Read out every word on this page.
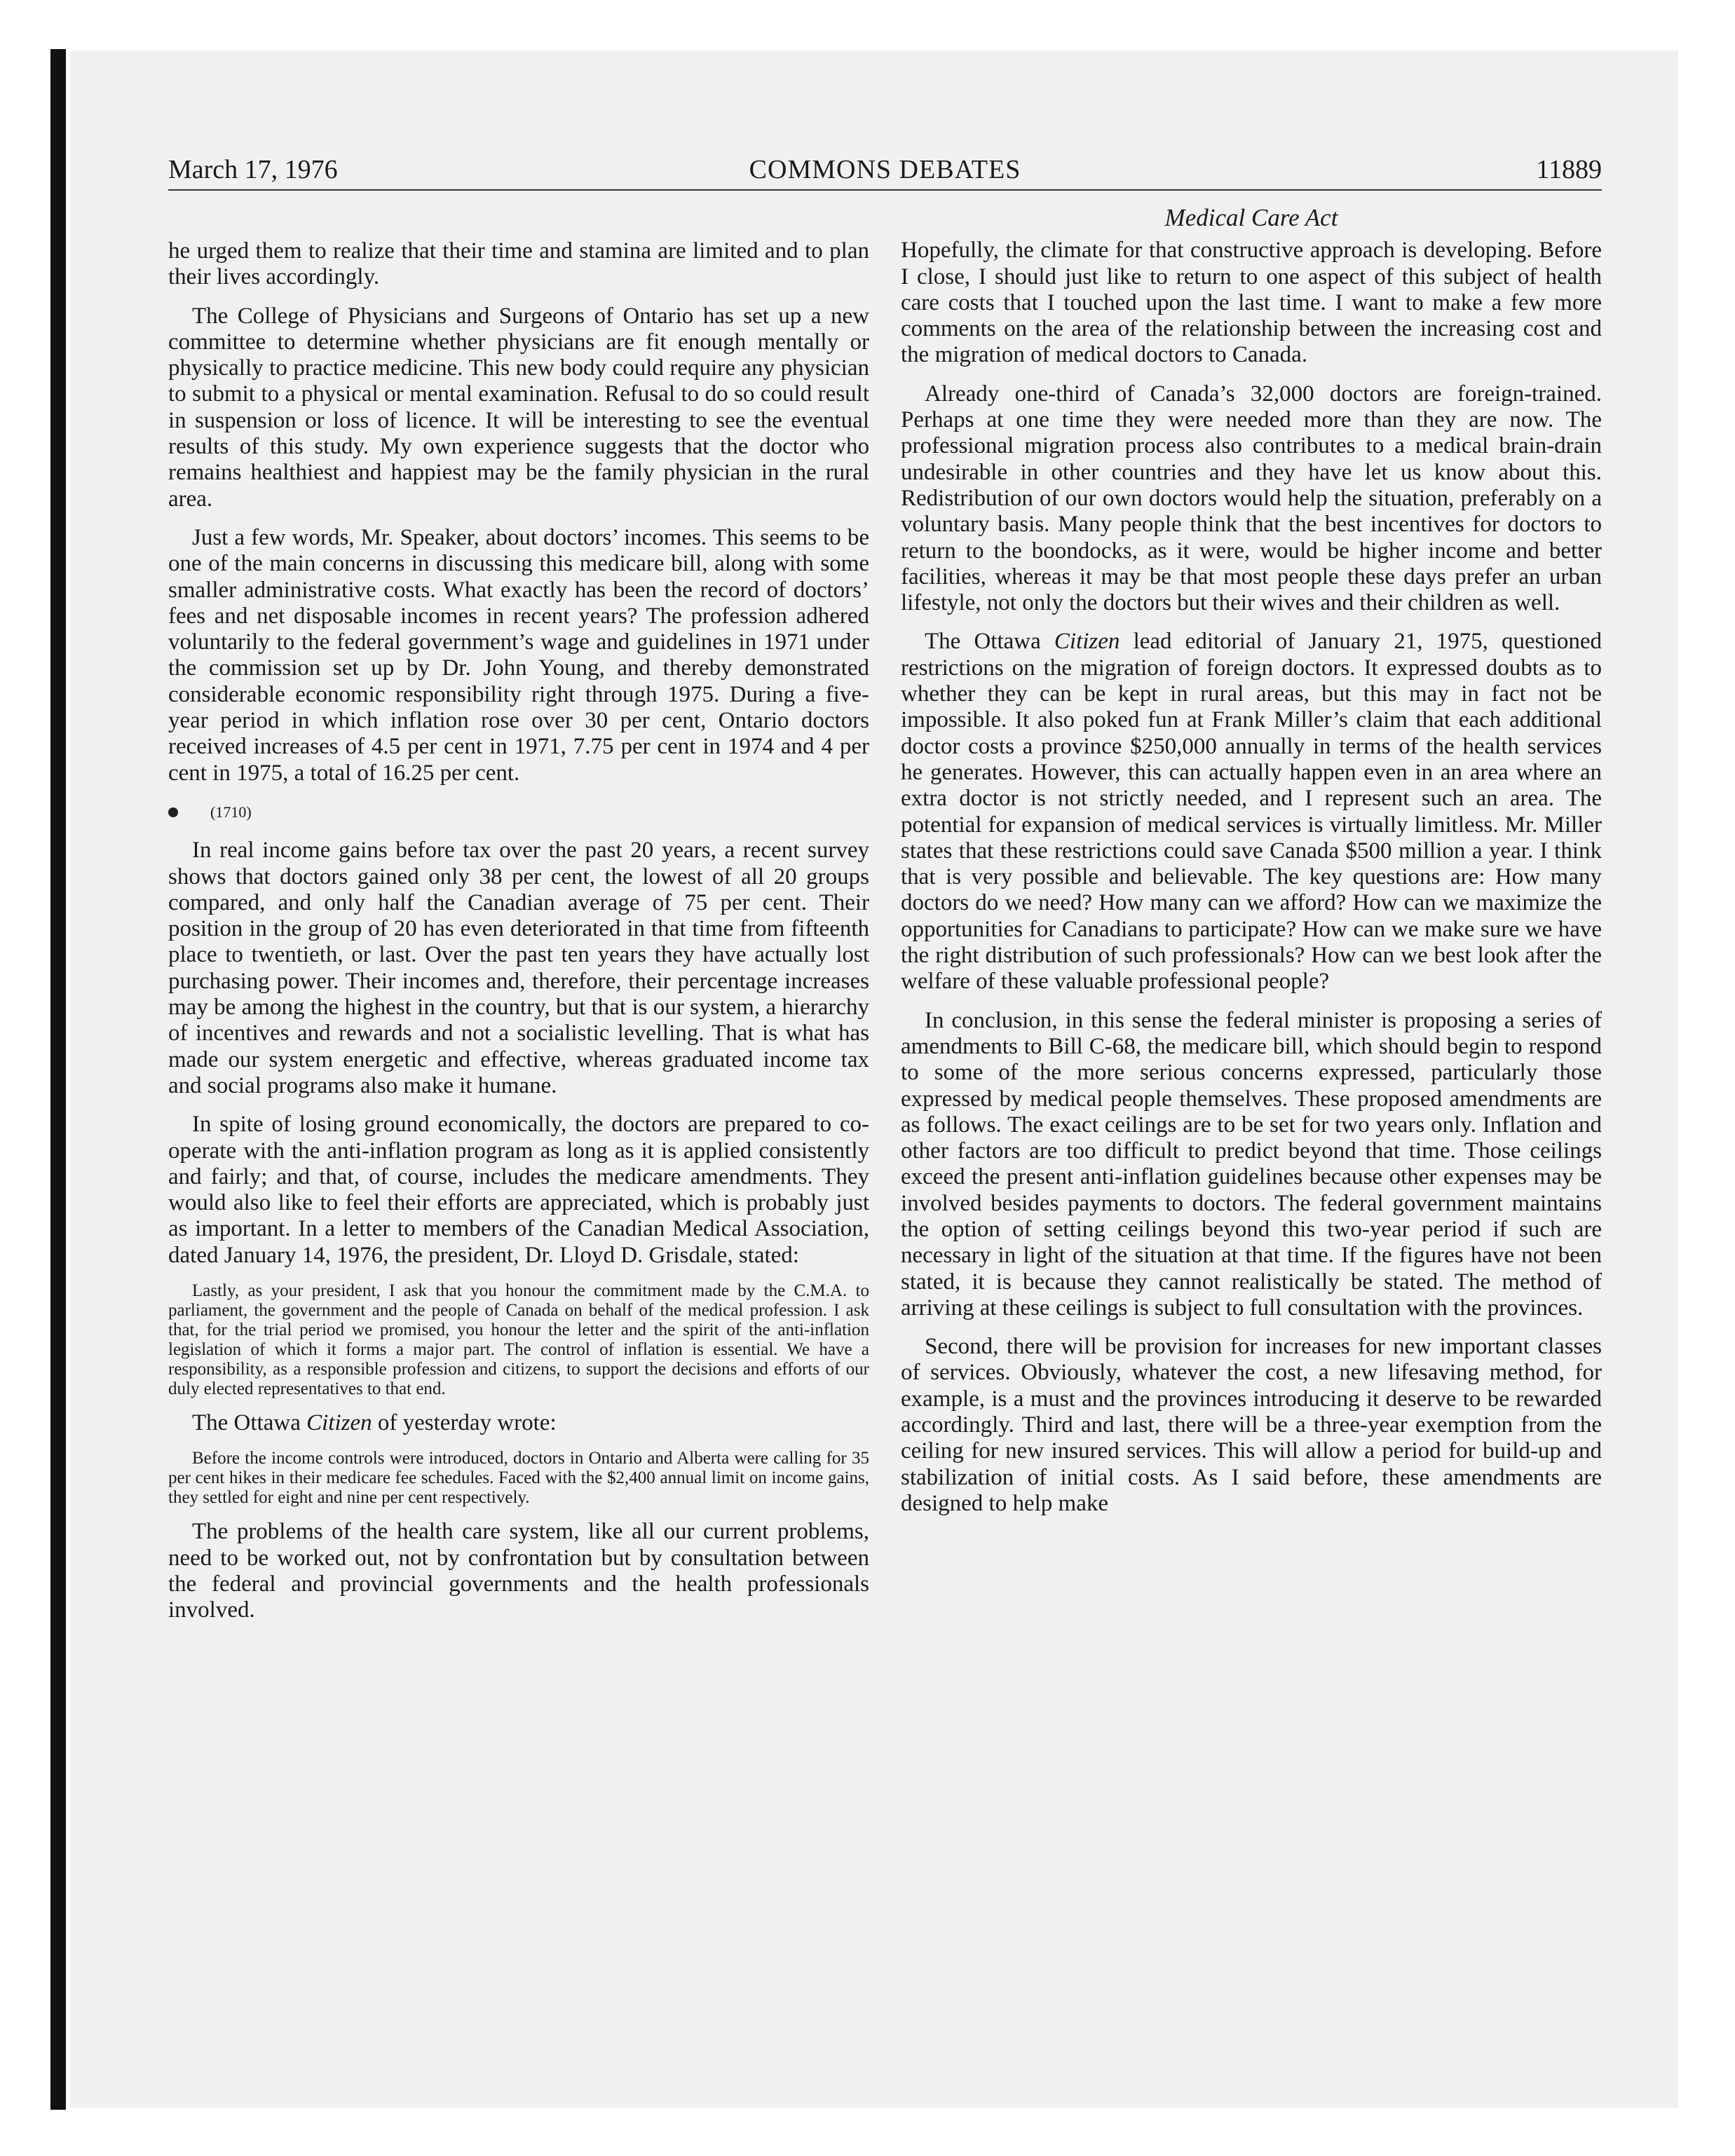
March 17, 1976	COMMONS DEBATES	11889

he urged them to realize that their time and stamina are limited and to plan their lives accordingly.

The College of Physicians and Surgeons of Ontario has set up a new committee to determine whether physicians are fit enough mentally or physically to practice medicine. This new body could require any physician to submit to a physical or mental examination. Refusal to do so could result in suspension or loss of licence. It will be interesting to see the eventual results of this study. My own experience suggests that the doctor who remains healthiest and happiest may be the family physician in the rural area.

Just a few words, Mr. Speaker, about doctors’ incomes. This seems to be one of the main concerns in discussing this medicare bill, along with some smaller administrative costs. What exactly has been the record of doctors’ fees and net disposable incomes in recent years? The profession adhered voluntarily to the federal government’s wage and guidelines in 1971 under the commission set up by Dr. John Young, and thereby demonstrated considerable economic responsibility right through 1975. During a five-year period in which inflation rose over 30 per cent, Ontario doctors received increases of 4.5 per cent in 1971, 7.75 per cent in 1974 and 4 per cent in 1975, a total of 16.25 per cent.

(1710)

In real income gains before tax over the past 20 years, a recent survey shows that doctors gained only 38 per cent, the lowest of all 20 groups compared, and only half the Canadian average of 75 per cent. Their position in the group of 20 has even deteriorated in that time from fifteenth place to twentieth, or last. Over the past ten years they have actually lost purchasing power. Their incomes and, therefore, their percentage increases may be among the highest in the country, but that is our system, a hierarchy of incentives and rewards and not a socialistic levelling. That is what has made our system energetic and effective, whereas graduated income tax and social programs also make it humane.

In spite of losing ground economically, the doctors are prepared to co-operate with the anti-inflation program as long as it is applied consistently and fairly; and that, of course, includes the medicare amendments. They would also like to feel their efforts are appreciated, which is probably just as important. In a letter to members of the Canadian Medical Association, dated January 14, 1976, the president, Dr. Lloyd D. Grisdale, stated:

Lastly, as your president, I ask that you honour the commitment made by the C.M.A. to parliament, the government and the people of Canada on behalf of the medical profession. I ask that, for the trial period we promised, you honour the letter and the spirit of the anti-inflation legislation of which it forms a major part. The control of inflation is essential. We have a responsibility, as a responsible profession and citizens, to support the decisions and efforts of our duly elected representatives to that end.

The Ottawa Citizen of yesterday wrote:

Before the income controls were introduced, doctors in Ontario and Alberta were calling for 35 per cent hikes in their medicare fee schedules. Faced with the $2,400 annual limit on income gains, they settled for eight and nine per cent respectively.

The problems of the health care system, like all our current problems, need to be worked out, not by confrontation but by consultation between the federal and provincial governments and the health professionals involved.

Medical Care Act

Hopefully, the climate for that constructive approach is developing. Before I close, I should just like to return to one aspect of this subject of health care costs that I touched upon the last time. I want to make a few more comments on the area of the relationship between the increasing cost and the migration of medical doctors to Canada.

Already one-third of Canada’s 32,000 doctors are foreign-trained. Perhaps at one time they were needed more than they are now. The professional migration process also contributes to a medical brain-drain undesirable in other countries and they have let us know about this. Redistribution of our own doctors would help the situation, preferably on a voluntary basis. Many people think that the best incentives for doctors to return to the boondocks, as it were, would be higher income and better facilities, whereas it may be that most people these days prefer an urban lifestyle, not only the doctors but their wives and their children as well.

The Ottawa Citizen lead editorial of January 21, 1975, questioned restrictions on the migration of foreign doctors. It expressed doubts as to whether they can be kept in rural areas, but this may in fact not be impossible. It also poked fun at Frank Miller’s claim that each additional doctor costs a province $250,000 annually in terms of the health services he generates. However, this can actually happen even in an area where an extra doctor is not strictly needed, and I represent such an area. The potential for expansion of medical services is virtually limitless. Mr. Miller states that these restrictions could save Canada $500 million a year. I think that is very possible and believable. The key questions are: How many doctors do we need? How many can we afford? How can we maximize the opportunities for Canadians to participate? How can we make sure we have the right distribution of such professionals? How can we best look after the welfare of these valuable professional people?

In conclusion, in this sense the federal minister is proposing a series of amendments to Bill C-68, the medicare bill, which should begin to respond to some of the more serious concerns expressed, particularly those expressed by medical people themselves. These proposed amendments are as follows. The exact ceilings are to be set for two years only. Inflation and other factors are too difficult to predict beyond that time. Those ceilings exceed the present anti-inflation guidelines because other expenses may be involved besides payments to doctors. The federal government maintains the option of setting ceilings beyond this two-year period if such are necessary in light of the situation at that time. If the figures have not been stated, it is because they cannot realistically be stated. The method of arriving at these ceilings is subject to full consultation with the provinces.

Second, there will be provision for increases for new important classes of services. Obviously, whatever the cost, a new lifesaving method, for example, is a must and the provinces introducing it deserve to be rewarded accordingly. Third and last, there will be a three-year exemption from the ceiling for new insured services. This will allow a period for build-up and stabilization of initial costs. As I said before, these amendments are designed to help make
